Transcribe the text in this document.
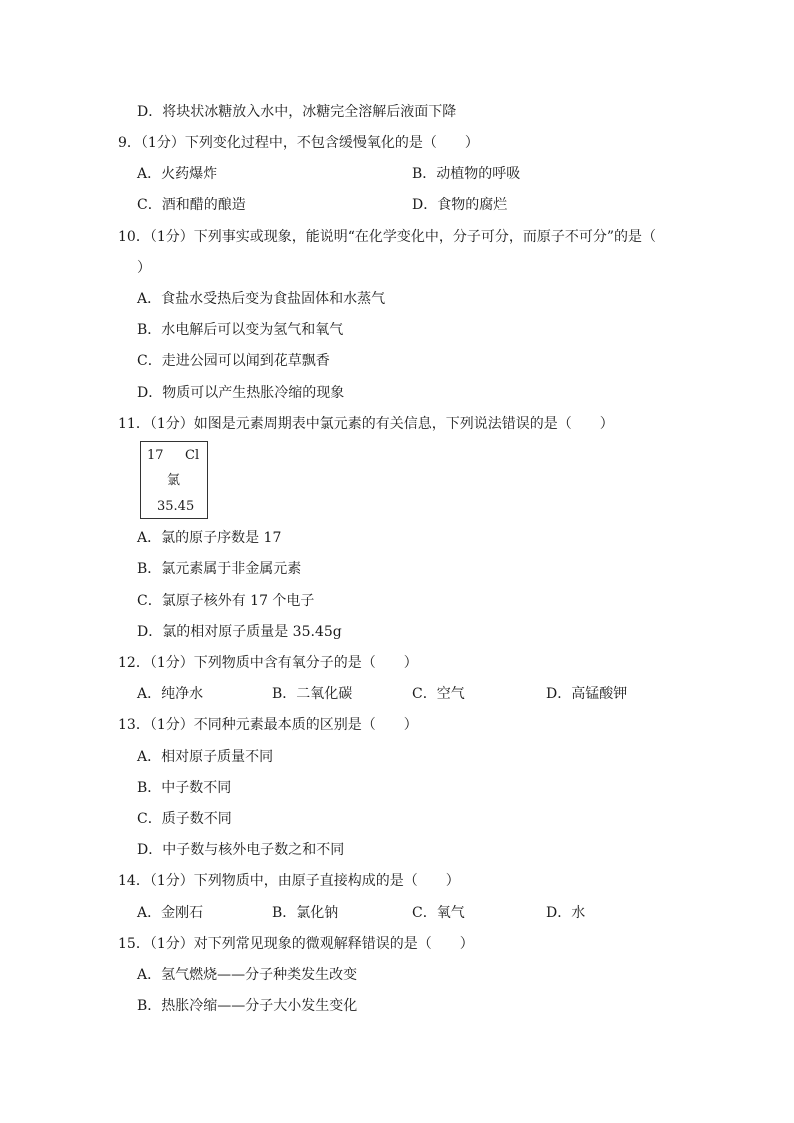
D．将块状冰糖放入水中，冰糖完全溶解后液面下降
9．（1分）下列变化过程中，不包含缓慢氧化的是（　　）
A．火药爆炸	B．动植物的呼吸
C．酒和醋的酿造	D．食物的腐烂
10．（1分）下列事实或现象，能说明“在化学变化中，分子可分，而原子不可分”的是（
）
A．食盐水受热后变为食盐固体和水蒸气
B．水电解后可以变为氢气和氧气
C．走进公园可以闻到花草飘香
D．物质可以产生热胀冷缩的现象
11．（1分）如图是元素周期表中氯元素的有关信息，下列说法错误的是（　　）
17 Cl
氯
35.45
A．氯的原子序数是 17
B．氯元素属于非金属元素
C．氯原子核外有 17 个电子
D．氯的相对原子质量是 35.45g
12．（1分）下列物质中含有氧分子的是（　　）
A．纯净水	B．二氧化碳	C．空气	D．高锰酸钾
13．（1分）不同种元素最本质的区别是（　　）
A．相对原子质量不同
B．中子数不同
C．质子数不同
D．中子数与核外电子数之和不同
14．（1分）下列物质中，由原子直接构成的是（　　）
A．金刚石	B．氯化钠	C．氧气	D．水
15．（1分）对下列常见现象的微观解释错误的是（　　）
A．氢气燃烧——分子种类发生改变
B．热胀冷缩——分子大小发生变化
